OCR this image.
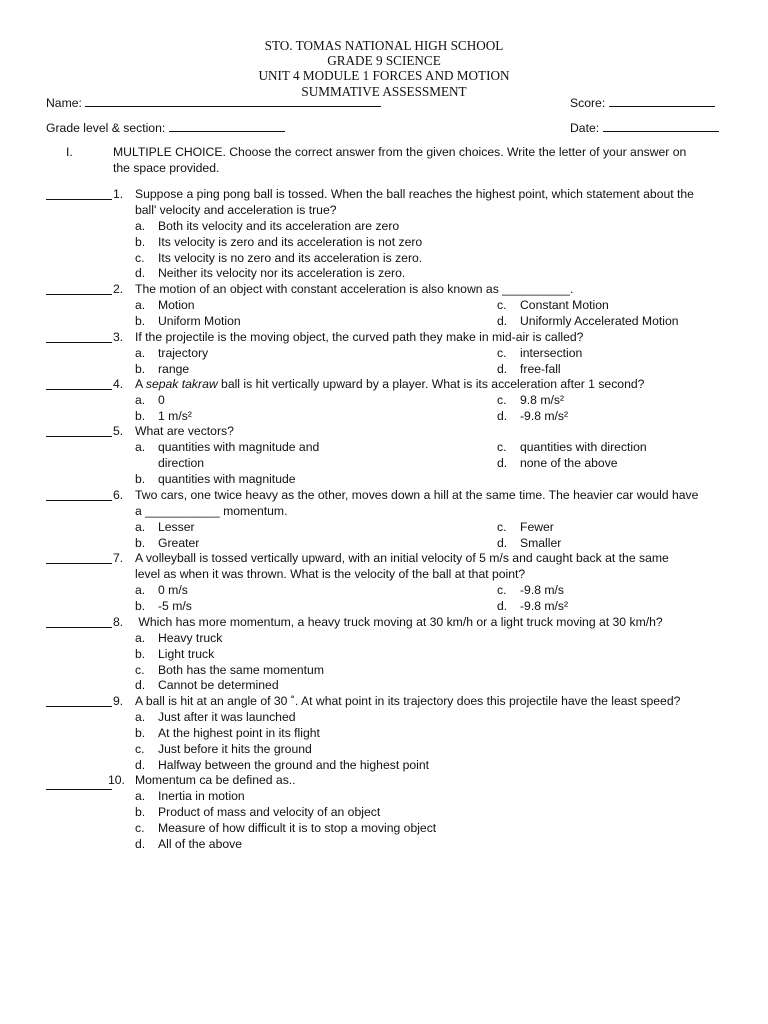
STO. TOMAS NATIONAL HIGH SCHOOL
GRADE 9 SCIENCE
UNIT 4 MODULE 1 FORCES AND MOTION
SUMMATIVE ASSESSMENT
Name:	Score:
Grade level & section:	Date:
I.	MULTIPLE CHOICE. Choose the correct answer from the given choices. Write the letter of your answer on
the space provided.
1. Suppose a ping pong ball is tossed. When the ball reaches the highest point, which statement about the
ball' velocity and acceleration is true?
a. Both its velocity and its acceleration are zero
b. Its velocity is zero and its acceleration is not zero
c. Its velocity is no zero and its acceleration is zero.
d. Neither its velocity nor its acceleration is zero.
2. The motion of an object with constant acceleration is also known as __________.
a. Motion
b. Uniform Motion
c. Constant Motion
d. Uniformly Accelerated Motion
3. If the projectile is the moving object, the curved path they make in mid-air is called?
a. trajectory
b. range
c. intersection
d. free-fall
4. A sepak takraw ball is hit vertically upward by a player. What is its acceleration after 1 second?
a. 0
b. 1 m/s²
c. 9.8 m/s²
d. -9.8 m/s²
5. What are vectors?
a. quantities with magnitude and
direction
b. quantities with magnitude
c. quantities with direction
d. none of the above
6. Two cars, one twice heavy as the other, moves down a hill at the same time. The heavier car would have
a ___________ momentum.
a. Lesser
b. Greater
c. Fewer
d. Smaller
7. A volleyball is tossed vertically upward, with an initial velocity of 5 m/s and caught back at the same
level as when it was thrown. What is the velocity of the ball at that point?
a. 0 m/s
b. -5 m/s
c. -9.8 m/s
d. -9.8 m/s²
8. Which has more momentum, a heavy truck moving at 30 km/h or a light truck moving at 30 km/h?
a. Heavy truck
b. Light truck
c. Both has the same momentum
d. Cannot be determined
9. A ball is hit at an angle of 30 ˚. At what point in its trajectory does this projectile have the least speed?
a. Just after it was launched
b. At the highest point in its flight
c. Just before it hits the ground
d. Halfway between the ground and the highest point
10. Momentum ca be defined as..
a. Inertia in motion
b. Product of mass and velocity of an object
c. Measure of how difficult it is to stop a moving object
d. All of the above
